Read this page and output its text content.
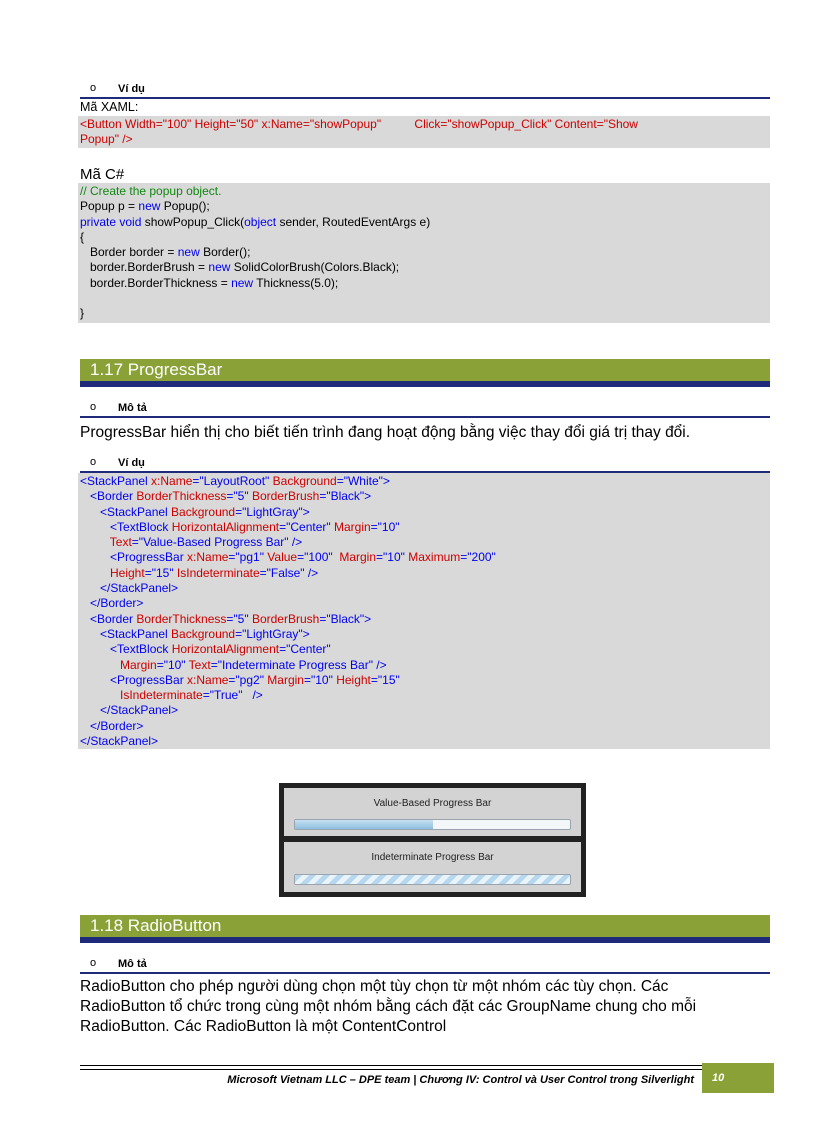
o Ví dụ
Mã XAML:
<Button Width="100" Height="50" x:Name="showPopup"          Click="showPopup_Click" Content="Show
Popup" />
Mã C#
// Create the popup object.
Popup p = new Popup();
private void showPopup_Click(object sender, RoutedEventArgs e)
{
Border border = new Border();
border.BorderBrush = new SolidColorBrush(Colors.Black);
border.BorderThickness = new Thickness(5.0);
}
1.17 ProgressBar
o Mô tả
ProgressBar hiển thị cho biết tiến trình đang hoạt động bằng việc thay đổi giá trị thay đổi.
o Ví dụ
<StackPanel x:Name="LayoutRoot" Background="White">
<Border BorderThickness="5" BorderBrush="Black">
<StackPanel Background="LightGray">
<TextBlock HorizontalAlignment="Center" Margin="10"
Text="Value-Based Progress Bar" />
<ProgressBar x:Name="pg1" Value="100"  Margin="10" Maximum="200"
Height="15" IsIndeterminate="False" />
</StackPanel>
</Border>
<Border BorderThickness="5" BorderBrush="Black">
<StackPanel Background="LightGray">
<TextBlock HorizontalAlignment="Center"
Margin="10" Text="Indeterminate Progress Bar" />
<ProgressBar x:Name="pg2" Margin="10" Height="15"
IsIndeterminate="True"   />
</StackPanel>
</Border>
</StackPanel>
Value-Based Progress Bar
Indeterminate Progress Bar
1.18 RadioButton
o Mô tả
RadioButton cho phép người dùng chọn một tùy chọn từ một nhóm các tùy chọn. Các
RadioButton tổ chức trong cùng một nhóm bằng cách đặt các GroupName chung cho mỗi
RadioButton. Các RadioButton là một ContentControl
Microsoft Vietnam LLC – DPE team | Chương IV: Control và User Control trong Silverlight 10
